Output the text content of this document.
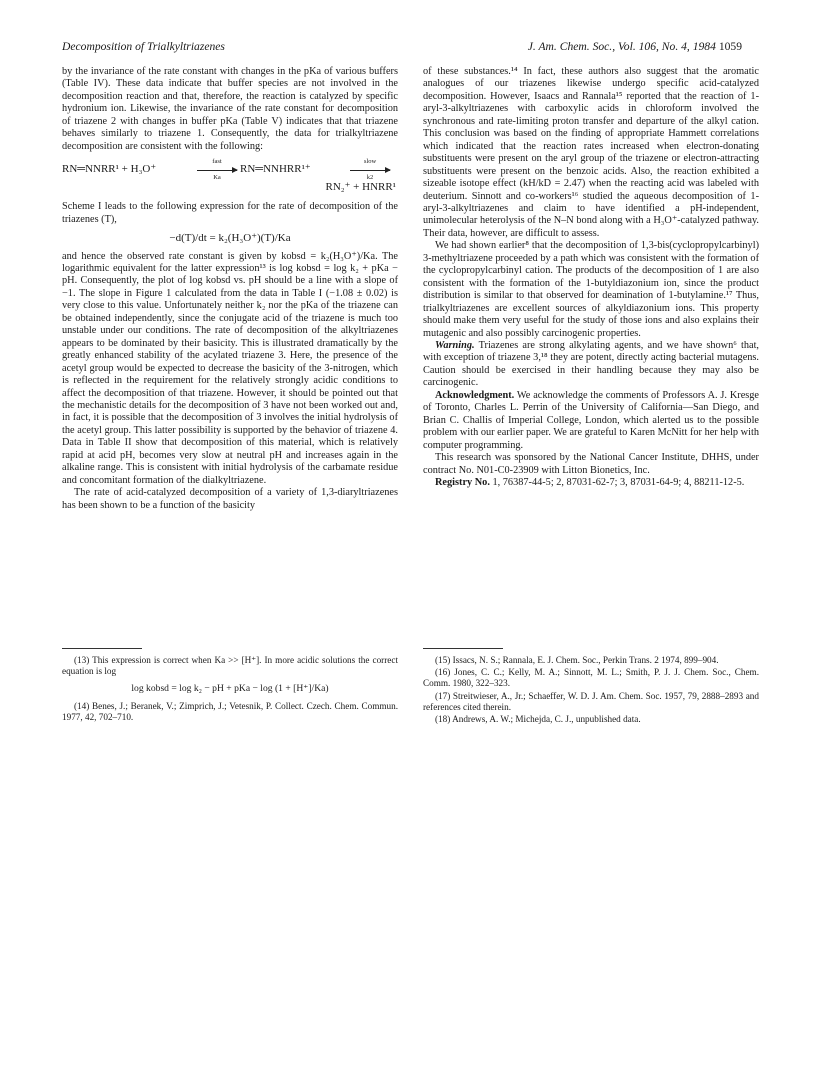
Decomposition of Trialkyltriazenes	J. Am. Chem. Soc., Vol. 106, No. 4, 1984 1059

by the invariance of the rate constant with changes in the pKa of various buffers (Table IV). These data indicate that buffer species are not involved in the decomposition reaction and that, therefore, the reaction is catalyzed by specific hydronium ion. Likewise, the invariance of the rate constant for decomposition of triazene 2 with changes in buffer pKa (Table V) indicates that that triazene behaves similarly to triazene 1. Consequently, the data for trialkyltriazene decomposition are consistent with the following:

RN═NNRR¹ + H₃O⁺
fast
Ka
RN═NNHRR¹⁺
slow
k2
RN₂⁺ + HNRR¹

Scheme I leads to the following expression for the rate of decomposition of the triazenes (T),

−d(T)/dt = k₂(H₃O⁺)(T)/Ka

and hence the observed rate constant is given by kobsd = k₂(H₃O⁺)/Ka. The logarithmic equivalent for the latter expression¹³ is log kobsd = log k₂ + pKa − pH. Consequently, the plot of log kobsd vs. pH should be a line with a slope of −1. The slope in Figure 1 calculated from the data in Table I (−1.08 ± 0.02) is very close to this value. Unfortunately neither k₂ nor the pKa of the triazene can be obtained independently, since the conjugate acid of the triazene is much too unstable under our conditions. The rate of decomposition of the alkyltriazenes appears to be dominated by their basicity. This is illustrated dramatically by the greatly enhanced stability of the acylated triazene 3. Here, the presence of the acetyl group would be expected to decrease the basicity of the 3-nitrogen, which is reflected in the requirement for the relatively strongly acidic conditions to affect the decomposition of that triazene. However, it should be pointed out that the mechanistic details for the decomposition of 3 have not been worked out and, in fact, it is possible that the decomposition of 3 involves the initial hydrolysis of the acetyl group. This latter possibility is supported by the behavior of triazene 4. Data in Table II show that decomposition of this material, which is relatively rapid at acid pH, becomes very slow at neutral pH and increases again in the alkaline range. This is consistent with initial hydrolysis of the carbamate residue and concomitant formation of the dialkyltriazene.

The rate of acid-catalyzed decomposition of a variety of 1,3-diaryltriazenes has been shown to be a function of the basicity

of these substances.¹⁴ In fact, these authors also suggest that the aromatic analogues of our triazenes likewise undergo specific acid-catalyzed decomposition. However, Isaacs and Rannala¹⁵ reported that the reaction of 1-aryl-3-alkyltriazenes with carboxylic acids in chloroform involved the synchronous and rate-limiting proton transfer and departure of the alkyl cation. This conclusion was based on the finding of appropriate Hammett correlations which indicated that the reaction rates increased when electron-donating substituents were present on the aryl group of the triazene or electron-attracting substituents were present on the benzoic acids. Also, the reaction exhibited a sizeable isotope effect (kH/kD = 2.47) when the reacting acid was labeled with deuterium. Sinnott and co-workers¹⁶ studied the aqueous decomposition of 1-aryl-3-alkyltriazenes and claim to have identified a pH-independent, unimolecular heterolysis of the N–N bond along with a H₃O⁺-catalyzed pathway. Their data, however, are difficult to assess.

We had shown earlier⁸ that the decomposition of 1,3-bis(cyclopropylcarbinyl) 3-methyltriazene proceeded by a path which was consistent with the formation of the cyclopropylcarbinyl cation. The products of the decomposition of 1 are also consistent with the formation of the 1-butyldiazonium ion, since the product distribution is similar to that observed for deamination of 1-butylamine.¹⁷ Thus, trialkyltriazenes are excellent sources of alkyldiazonium ions. This property should make them very useful for the study of those ions and also explains their mutagenic and also possibly carcinogenic properties.

Warning. Triazenes are strong alkylating agents, and we have shown⁶ that, with exception of triazene 3,¹⁸ they are potent, directly acting bacterial mutagens. Caution should be exercised in their handling because they may also be carcinogenic.

Acknowledgment. We acknowledge the comments of Professors A. J. Kresge of Toronto, Charles L. Perrin of the University of California—San Diego, and Brian C. Challis of Imperial College, London, which alerted us to the possible problem with our earlier paper. We are grateful to Karen McNitt for her help with computer programming.

This research was sponsored by the National Cancer Institute, DHHS, under contract No. N01-C0-23909 with Litton Bionetics, Inc.

Registry No. 1, 76387-44-5; 2, 87031-62-7; 3, 87031-64-9; 4, 88211-12-5.

(13) This expression is correct when Ka >> [H⁺]. In more acidic solutions the correct equation is log

log kobsd = log k₂ − pH + pKa − log (1 + [H⁺]/Ka)

(14) Benes, J.; Beranek, V.; Zimprich, J.; Vetesnik, P. Collect. Czech. Chem. Commun. 1977, 42, 702–710.

(15) Issacs, N. S.; Rannala, E. J. Chem. Soc., Perkin Trans. 2 1974, 899–904.

(16) Jones, C. C.; Kelly, M. A.; Sinnott, M. L.; Smith, P. J. J. Chem. Soc., Chem. Comm. 1980, 322–323.

(17) Streitwieser, A., Jr.; Schaeffer, W. D. J. Am. Chem. Soc. 1957, 79, 2888–2893 and references cited therein.

(18) Andrews, A. W.; Michejda, C. J., unpublished data.
